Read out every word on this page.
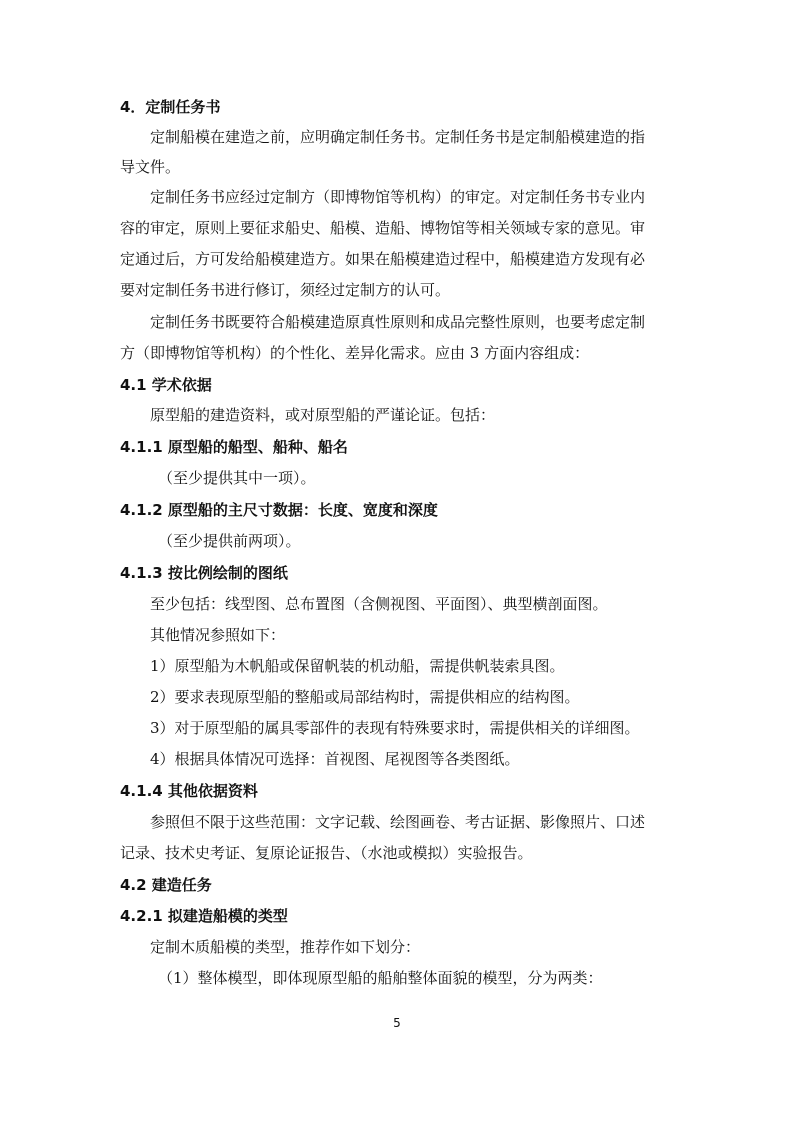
4．定制任务书
定制船模在建造之前，应明确定制任务书。定制任务书是定制船模建造的指
导文件。
定制任务书应经过定制方（即博物馆等机构）的审定。对定制任务书专业内
容的审定，原则上要征求船史、船模、造船、博物馆等相关领域专家的意见。审
定通过后，方可发给船模建造方。如果在船模建造过程中，船模建造方发现有必
要对定制任务书进行修订，须经过定制方的认可。
定制任务书既要符合船模建造原真性原则和成品完整性原则，也要考虑定制
方（即博物馆等机构）的个性化、差异化需求。应由 3 方面内容组成：
4.1 学术依据
原型船的建造资料，或对原型船的严谨论证。包括：
4.1.1 原型船的船型、船种、船名
（至少提供其中一项）。
4.1.2 原型船的主尺寸数据：长度、宽度和深度
（至少提供前两项）。
4.1.3 按比例绘制的图纸
至少包括：线型图、总布置图（含侧视图、平面图）、典型横剖面图。
其他情况参照如下：
1）原型船为木帆船或保留帆装的机动船，需提供帆装索具图。
2）要求表现原型船的整船或局部结构时，需提供相应的结构图。
3）对于原型船的属具零部件的表现有特殊要求时，需提供相关的详细图。
4）根据具体情况可选择：首视图、尾视图等各类图纸。
4.1.4 其他依据资料
参照但不限于这些范围：文字记载、绘图画卷、考古证据、影像照片、口述
记录、技术史考证、复原论证报告、（水池或模拟）实验报告。
4.2 建造任务
4.2.1 拟建造船模的类型
定制木质船模的类型，推荐作如下划分：
（1）整体模型，即体现原型船的船舶整体面貌的模型，分为两类：
5
